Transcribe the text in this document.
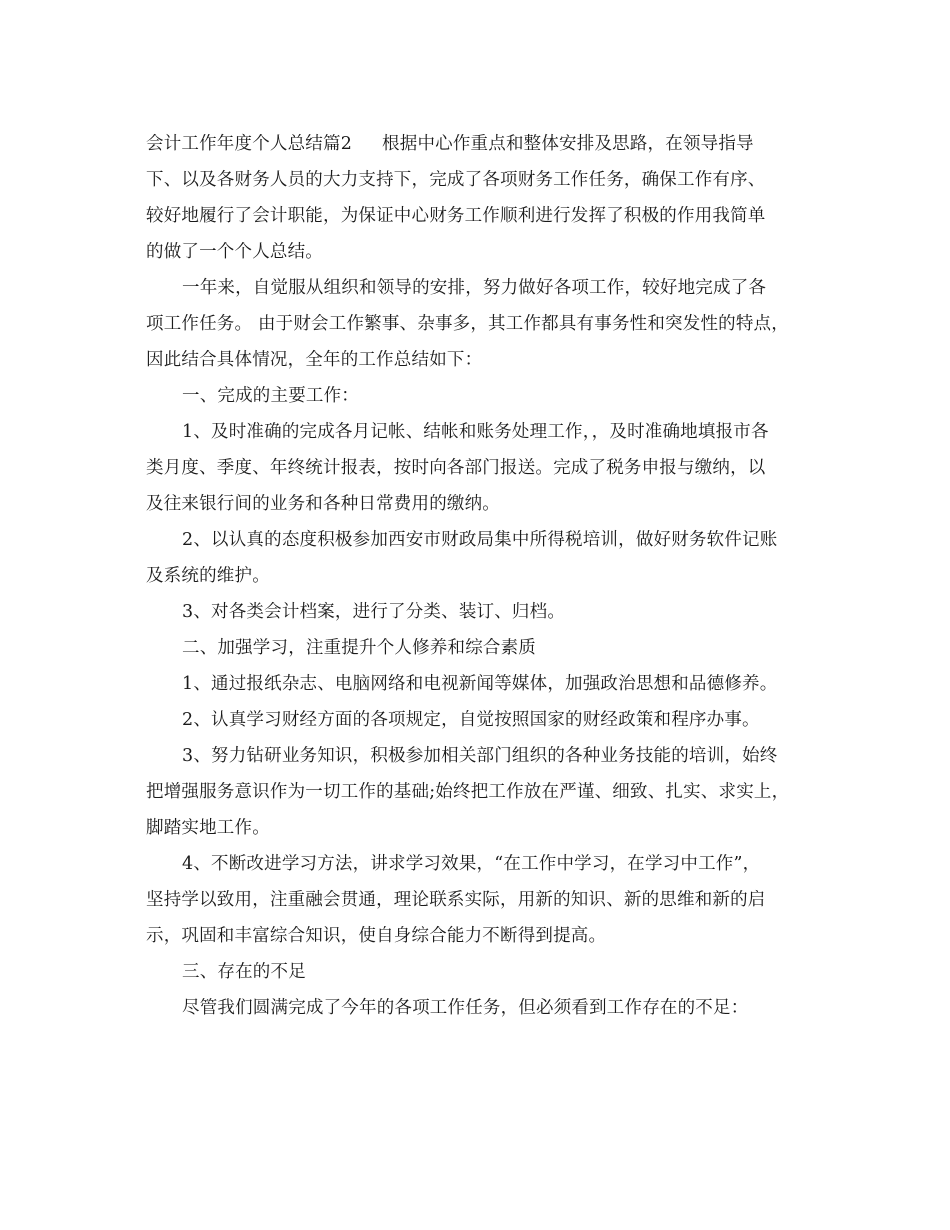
会计工作年度个人总结篇2 根据中心作重点和整体安排及思路，在领导指导
下、以及各财务人员的大力支持下，完成了各项财务工作任务，确保工作有序、
较好地履行了会计职能，为保证中心财务工作顺利进行发挥了积极的作用我简单
的做了一个个人总结。
一年来，自觉服从组织和领导的安排，努力做好各项工作，较好地完成了各
项工作任务。 由于财会工作繁事、杂事多，其工作都具有事务性和突发性的特点，
因此结合具体情况，全年的工作总结如下：
一、完成的主要工作：
1、及时准确的完成各月记帐、结帐和账务处理工作，，及时准确地填报市各
类月度、季度、年终统计报表，按时向各部门报送。完成了税务申报与缴纳，以
及往来银行间的业务和各种日常费用的缴纳。
2、以认真的态度积极参加西安市财政局集中所得税培训，做好财务软件记账
及系统的维护。
3、对各类会计档案，进行了分类、装订、归档。
二、加强学习，注重提升个人修养和综合素质
1、通过报纸杂志、电脑网络和电视新闻等媒体，加强政治思想和品德修养。
2、认真学习财经方面的各项规定，自觉按照国家的财经政策和程序办事。
3、努力钻研业务知识，积极参加相关部门组织的各种业务技能的培训，始终
把增强服务意识作为一切工作的基础;始终把工作放在严谨、细致、扎实、求实上，
脚踏实地工作。
4、不断改进学习方法，讲求学习效果，“在工作中学习，在学习中工作”，
坚持学以致用，注重融会贯通，理论联系实际，用新的知识、新的思维和新的启
示，巩固和丰富综合知识，使自身综合能力不断得到提高。
三、存在的不足
尽管我们圆满完成了今年的各项工作任务，但必须看到工作存在的不足：
